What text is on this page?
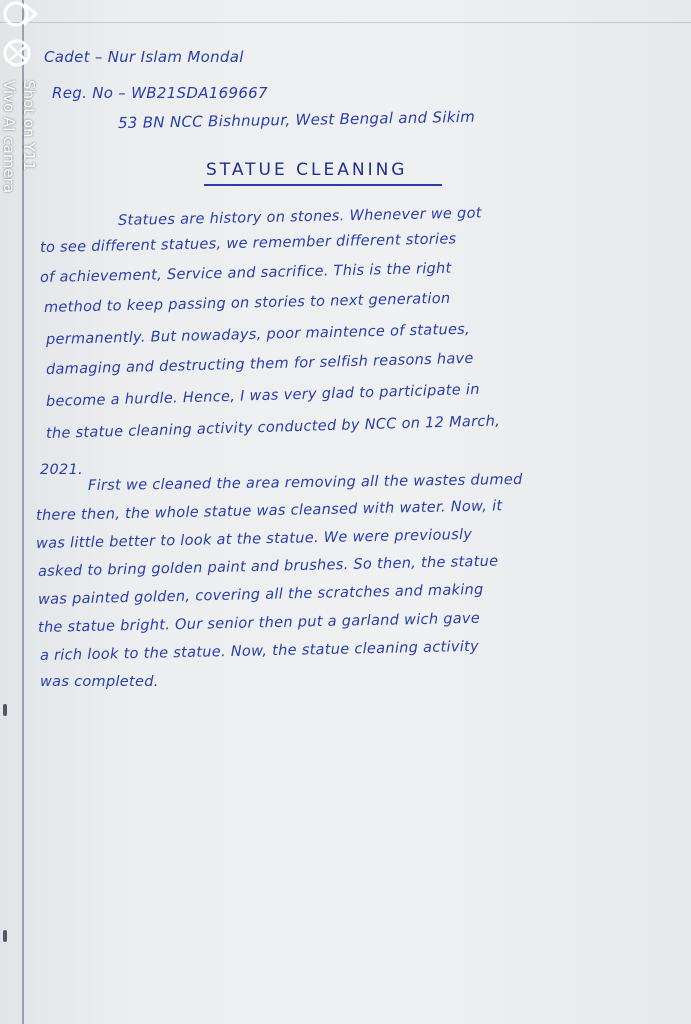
Shot on Y11
Vivo AI camera
Cadet – Nur Islam Mondal
Reg. No – WB21SDA169667
53 BN NCC Bishnupur, West Bengal and Sikim
STATUE CLEANING
Statues are history on stones. Whenever we got
to see different statues, we remember different stories
of achievement, Service and sacrifice. This is the right
method to keep passing on stories to next generation
permanently. But nowadays, poor maintence of statues,
damaging and destructing them for selfish reasons have
become a hurdle. Hence, I was very glad to participate in
the statue cleaning activity conducted by NCC on 12 March,
2021.
First we cleaned the area removing all the wastes dumed
there then, the whole statue was cleansed with water. Now, it
was little better to look at the statue. We were previously
asked to bring golden paint and brushes. So then, the statue
was painted golden, covering all the scratches and making
the statue bright. Our senior then put a garland wich gave
a rich look to the statue. Now, the statue cleaning activity
was completed.
